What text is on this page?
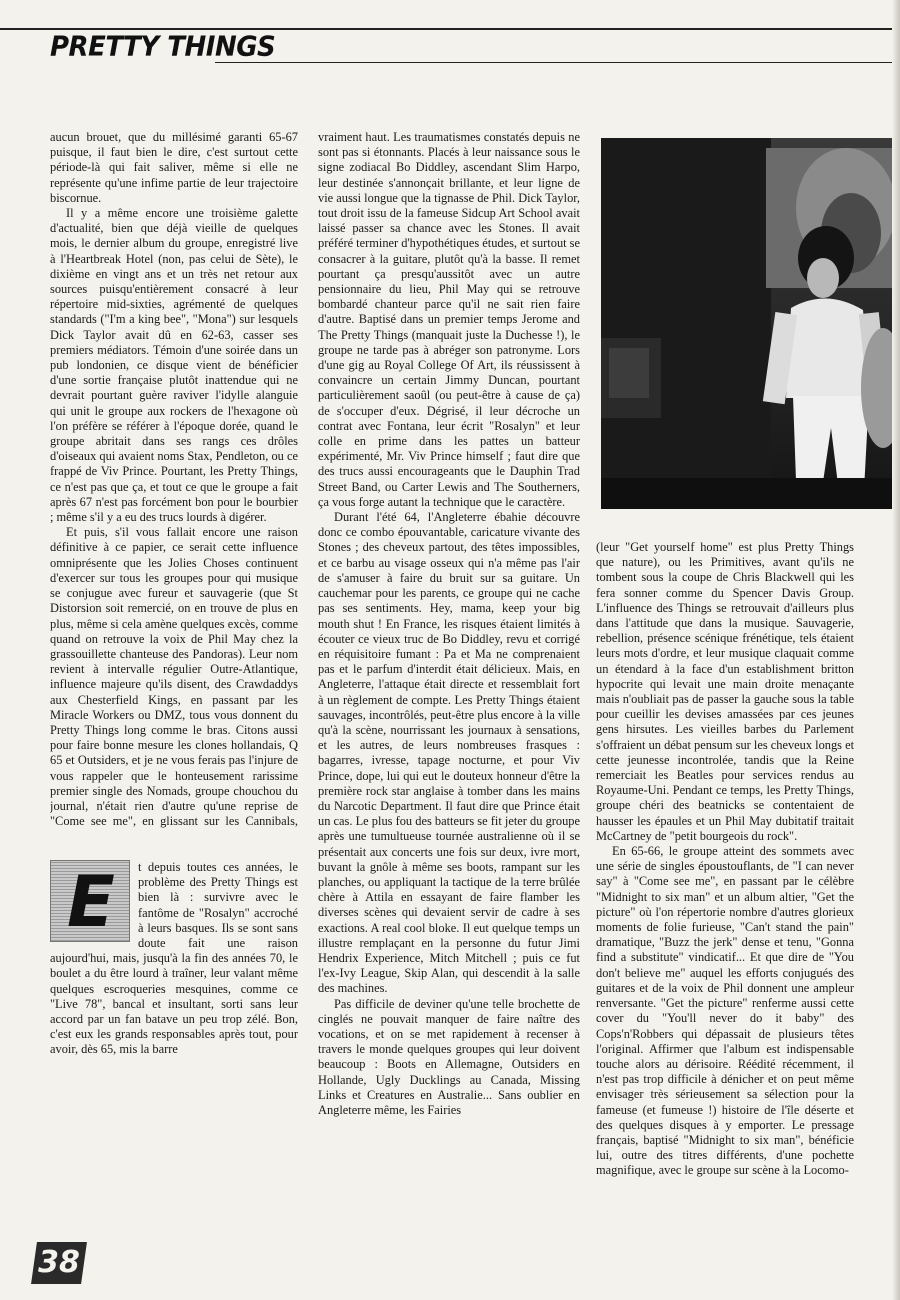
PRETTY THINGS

aucun brouet, que du millésimé garanti 65-67 puisque, il faut bien le dire, c'est surtout cette période-là qui fait saliver, même si elle ne représente qu'une infime partie de leur trajectoire biscornue.

Il y a même encore une troisième galette d'actualité, bien que déjà vieille de quelques mois, le dernier album du groupe, enregistré live à l'Heartbreak Hotel (non, pas celui de Sète), le dixième en vingt ans et un très net retour aux sources puisqu'entièrement consacré à leur répertoire mid-sixties, agrémenté de quelques standards ("I'm a king bee", "Mona") sur lesquels Dick Taylor avait dû en 62-63, casser ses premiers médiators. Témoin d'une soirée dans un pub londonien, ce disque vient de bénéficier d'une sortie française plutôt inattendue qui ne devrait pourtant guère raviver l'idylle alanguie qui unit le groupe aux rockers de l'hexagone où l'on préfère se référer à l'époque dorée, quand le groupe abritait dans ses rangs ces drôles d'oiseaux qui avaient noms Stax, Pendleton, ou ce frappé de Viv Prince. Pourtant, les Pretty Things, ce n'est pas que ça, et tout ce que le groupe a fait après 67 n'est pas forcément bon pour le bourbier ; même s'il y a eu des trucs lourds à digérer.

Et puis, s'il vous fallait encore une raison définitive à ce papier, ce serait cette influence omniprésente que les Jolies Choses continuent d'exercer sur tous les groupes pour qui musique se conjugue avec fureur et sauvagerie (que St Distorsion soit remercié, on en trouve de plus en plus, même si cela amène quelques excès, comme quand on retrouve la voix de Phil May chez la grassouillette chanteuse des Pandoras). Leur nom revient à intervalle régulier Outre-Atlantique, influence majeure qu'ils disent, des Crawdaddys aux Chesterfield Kings, en passant par les Miracle Workers ou DMZ, tous vous donnent du Pretty Things long comme le bras. Citons aussi pour faire bonne mesure les clones hollandais, Q 65 et Outsiders, et je ne vous ferais pas l'injure de vous rappeler que le honteusement rarissime premier single des Nomads, groupe chouchou du journal, n'était rien d'autre qu'une reprise de "Come see me", en glissant sur les Cannibals,

E	t depuis toutes ces années, le problème des Pretty Things est bien là : survivre avec le fantôme de "Rosalyn" accroché à leurs basques. Ils se sont sans doute fait une raison aujourd'hui, mais, jusqu'à la fin des années 70, le boulet a du être lourd à traîner, leur valant même quelques escroqueries mesquines, comme ce "Live 78", bancal et insultant, sorti sans leur accord par un fan batave un peu trop zélé. Bon, c'est eux les grands responsables après tout, pour avoir, dès 65, mis la barre

vraiment haut. Les traumatismes constatés depuis ne sont pas si étonnants. Placés à leur naissance sous le signe zodiacal Bo Diddley, ascendant Slim Harpo, leur destinée s'annonçait brillante, et leur ligne de vie aussi longue que la tignasse de Phil. Dick Taylor, tout droit issu de la fameuse Sidcup Art School avait laissé passer sa chance avec les Stones. Il avait préféré terminer d'hypothétiques études, et surtout se consacrer à la guitare, plutôt qu'à la basse. Il remet pourtant ça presqu'aussitôt avec un autre pensionnaire du lieu, Phil May qui se retrouve bombardé chanteur parce qu'il ne sait rien faire d'autre. Baptisé dans un premier temps Jerome and The Pretty Things (manquait juste la Duchesse !), le groupe ne tarde pas à abréger son patronyme. Lors d'une gig au Royal College Of Art, ils réussissent à convaincre un certain Jimmy Duncan, pourtant particulièrement saoûl (ou peut-être à cause de ça) de s'occuper d'eux. Dégrisé, il leur décroche un contrat avec Fontana, leur écrit "Rosalyn" et leur colle en prime dans les pattes un batteur expérimenté, Mr. Viv Prince himself ; faut dire que des trucs aussi encourageants que le Dauphin Trad Street Band, ou Carter Lewis and The Southerners, ça vous forge autant la technique que le caractère.

Durant l'été 64, l'Angleterre ébahie découvre donc ce combo épouvantable, caricature vivante des Stones ; des cheveux partout, des têtes impossibles, et ce barbu au visage osseux qui n'a même pas l'air de s'amuser à faire du bruit sur sa guitare. Un cauchemar pour les parents, ce groupe qui ne cache pas ses sentiments. Hey, mama, keep your big mouth shut ! En France, les risques étaient limités à écouter ce vieux truc de Bo Diddley, revu et corrigé en réquisitoire fumant : Pa et Ma ne comprenaient pas et le parfum d'interdit était délicieux. Mais, en Angleterre, l'attaque était directe et ressemblait fort à un règlement de compte. Les Pretty Things étaient sauvages, incontrôlés, peut-être plus encore à la ville qu'à la scène, nourrissant les journaux à sensations, et les autres, de leurs nombreuses frasques : bagarres, ivresse, tapage nocturne, et pour Viv Prince, dope, lui qui eut le douteux honneur d'être la première rock star anglaise à tomber dans les mains du Narcotic Department. Il faut dire que Prince était un cas. Le plus fou des batteurs se fit jeter du groupe après une tumultueuse tournée australienne où il se présentait aux concerts une fois sur deux, ivre mort, buvant la gnôle à même ses boots, rampant sur les planches, ou appliquant la tactique de la terre brûlée chère à Attila en essayant de faire flamber les diverses scènes qui devaient servir de cadre à ses exactions. A real cool bloke. Il eut quelque temps un illustre remplaçant en la personne du futur Jimi Hendrix Experience, Mitch Mitchell ; puis ce fut l'ex-Ivy League, Skip Alan, qui descendit à la salle des machines.

Pas difficile de deviner qu'une telle brochette de cinglés ne pouvait manquer de faire naître des vocations, et on se met rapidement à recenser à travers le monde quelques groupes qui leur doivent beaucoup : Boots en Allemagne, Outsiders en Hollande, Ugly Ducklings au Canada, Missing Links et Creatures en Australie... Sans oublier en Angleterre même, les Fairies

(leur "Get yourself home" est plus Pretty Things que nature), ou les Primitives, avant qu'ils ne tombent sous la coupe de Chris Blackwell qui les fera sonner comme du Spencer Davis Group. L'influence des Things se retrouvait d'ailleurs plus dans l'attitude que dans la musique. Sauvagerie, rebellion, présence scénique frénétique, tels étaient leurs mots d'ordre, et leur musique claquait comme un étendard à la face d'un establishment britton hypocrite qui levait une main droite menaçante mais n'oubliait pas de passer la gauche sous la table pour cueillir les devises amassées par ces jeunes gens hirsutes. Les vieilles barbes du Parlement s'offraient un débat pensum sur les cheveux longs et cette jeunesse incontrolée, tandis que la Reine remerciait les Beatles pour services rendus au Royaume-Uni. Pendant ce temps, les Pretty Things, groupe chéri des beatnicks se contentaient de hausser les épaules et un Phil May dubitatif traitait McCartney de "petit bourgeois du rock".

En 65-66, le groupe atteint des sommets avec une série de singles époustouflants, de "I can never say" à "Come see me", en passant par le célèbre "Midnight to six man" et un album altier, "Get the picture" où l'on répertorie nombre d'autres glorieux moments de folie furieuse, "Can't stand the pain" dramatique, "Buzz the jerk" dense et tenu, "Gonna find a substitute" vindicatif... Et que dire de "You don't believe me" auquel les efforts conjugués des guitares et de la voix de Phil donnent une ampleur renversante. "Get the picture" renferme aussi cette cover du "You'll never do it baby" des Cops'n'Robbers qui dépassait de plusieurs têtes l'original. Affirmer que l'album est indispensable touche alors au dérisoire. Réédité récemment, il n'est pas trop difficile à dénicher et on peut même envisager très sérieusement sa sélection pour la fameuse (et fumeuse !) histoire de l'île déserte et des quelques disques à y emporter. Le pressage français, baptisé "Midnight to six man", bénéficie lui, outre des titres différents, d'une pochette magnifique, avec le groupe sur scène à la Locomo-

38
